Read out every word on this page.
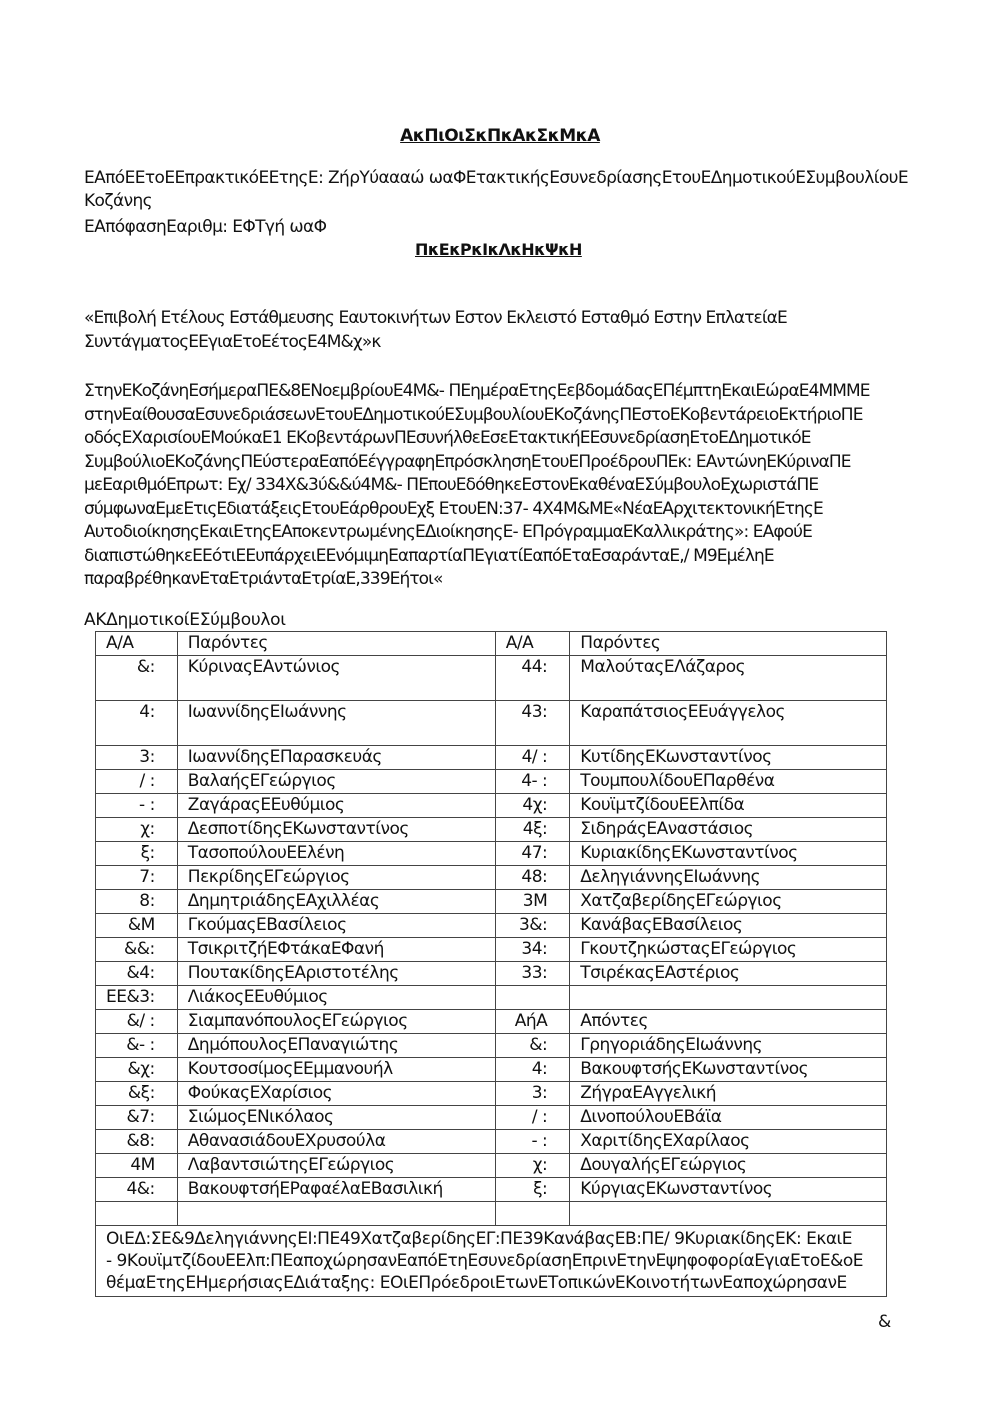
ΑκΠιΟιΣκΠκΑκΣκΜκΑ
ΕΑπόΕΕτοΕΕπρακτικόΕΕτηςΕ: ΖήρΥύαααώ ωαΦΕτακτικήςΕσυνεδρίασηςΕτουΕΔημοτικούΕΣυμβουλίουΕ
Κοζάνης
ΕΑπόφασηΕαριθμ: ΕΦΤγή ωαΦ
ΠκΕκΡκΙκΛκΗκΨκΗ
«Επιβολή Ετέλους Εστάθμευσης Εαυτοκινήτων Εστον Εκλειστό Εσταθμό Εστην ΕπλατείαΕ
ΣυντάγματοςΕΕγιαΕτοΕέτοςΕ4Μ&χ»κ
ΣτηνΕΚοζάνηΕσήμεραΠΕ&8ΕΝοεμβρίουΕ4Μ&- ΠΕημέραΕτηςΕεβδομάδαςΕΠέμπτηΕκαιΕώραΕ4ΜΜΜΕ
στηνΕαίθουσαΕσυνεδριάσεωνΕτουΕΔημοτικούΕΣυμβουλίουΕΚοζάνηςΠΕστοΕΚοβεντάρειοΕκτήριοΠΕ
οδόςΕΧαρισίουΕΜούκαΕ1 ΕΚοβεντάρωνΠΕσυνήλθεΕσεΕτακτικήΕΕσυνεδρίασηΕτοΕΔημοτικόΕ
ΣυμβούλιοΕΚοζάνηςΠΕύστεραΕαπόΕέγγραφηΕπρόσκλησηΕτουΕΠροέδρουΠΕκ: ΕΑντώνηΕΚύριναΠΕ
μεΕαριθμόΕπρωτ: Εχ/ 334Χ&3ύ&&ύ4Μ&- ΠΕπουΕδόθηκεΕστονΕκαθέναΕΣύμβουλοΕχωριστάΠΕ
σύμφωναΕμεΕτιςΕδιατάξειςΕτουΕάρθρουΕχξ ΕτουΕΝ:37- 4Χ4Μ&ΜΕ«ΝέαΕΑρχιτεκτονικήΕτηςΕ
ΑυτοδιοίκησηςΕκαιΕτηςΕΑποκεντρωμένηςΕΔιοίκησηςΕ- ΕΠρόγραμμαΕΚαλλικράτης»: ΕΑφούΕ
διαπιστώθηκεΕΕότιΕΕυπάρχειΕΕνόμιμηΕαπαρτίαΠΕγιατίΕαπόΕταΕσαράνταΕ,/ Μ9ΕμέληΕ
παραβρέθηκανΕταΕτριάνταΕτρίαΕ,339Εήτοι«
ΑΚΔημοτικοίΕΣύμβουλοι
Α/Α	Παρόντες	Α/Α	Παρόντες
&:	ΚύριναςΕΑντώνιος	44:	ΜαλούταςΕΛάζαρος
4:	ΙωαννίδηςΕΙωάννης	43:	ΚαραπάτσιοςΕΕυάγγελος
3:	ΙωαννίδηςΕΠαρασκευάς	4/ :	ΚυτίδηςΕΚωνσταντίνος
/ :	ΒαλαήςΕΓεώργιος	4- :	ΤουμπουλίδουΕΠαρθένα
- :	ΖαγάραςΕΕυθύμιος	4χ:	ΚουϊμτζίδουΕΕλπίδα
χ:	ΔεσποτίδηςΕΚωνσταντίνος	4ξ:	ΣιδηράςΕΑναστάσιος
ξ:	ΤασοπούλουΕΕλένη	47:	ΚυριακίδηςΕΚωνσταντίνος
7:	ΠεκρίδηςΕΓεώργιος	48:	ΔεληγιάννηςΕΙωάννης
8:	ΔημητριάδηςΕΑχιλλέας	3Μ	ΧατζαβερίδηςΕΓεώργιος
&Μ	ΓκούμαςΕΒασίλειος	3&:	ΚανάβαςΕΒασίλειος
&&:	ΤσικριτζήΕΦτάκαΕΦανή	34:	ΓκουτζηκώσταςΕΓεώργιος
&4:	ΠουτακίδηςΕΑριστοτέλης	33:	ΤσιρέκαςΕΑστέριος
ΕΕ&3:	ΛιάκοςΕΕυθύμιος		
&/ :	ΣιαμπανόπουλοςΕΓεώργιος	ΑήΑ	Απόντες
&- :	ΔημόπουλοςΕΠαναγιώτης	&:	ΓρηγοριάδηςΕΙωάννης
&χ:	ΚουτσοσίμοςΕΕμμανουήλ	4:	ΒακουφτσήςΕΚωνσταντίνος
&ξ:	ΦούκαςΕΧαρίσιος	3:	ΖήγραΕΑγγελική
&7:	ΣιώμοςΕΝικόλαος	/ :	ΔινοπούλουΕΒάϊα
&8:	ΑθανασιάδουΕΧρυσούλα	- :	ΧαριτίδηςΕΧαρίλαος
4Μ	ΛαβαντσιώτηςΕΓεώργιος	χ:	ΔουγαλήςΕΓεώργιος
4&:	ΒακουφτσήΕΡαφαέλαΕΒασιλική	ξ:	ΚύργιαςΕΚωνσταντίνος

ΟιΕΔ:ΣΕ&9ΔεληγιάννηςΕΙ:ΠΕ49ΧατζαβερίδηςΕΓ:ΠΕ39ΚανάβαςΕΒ:ΠΕ/ 9ΚυριακίδηςΕΚ: ΕκαιΕ
- 9ΚουϊμτζίδουΕΕλπ:ΠΕαποχώρησανΕαπόΕτηΕσυνεδρίασηΕπρινΕτηνΕψηφοφορίαΕγιαΕτοΕ&οΕ
θέμαΕτηςΕΗμερήσιαςΕΔιάταξης: ΕΟιΕΠρόεδροιΕτωνΕΤοπικώνΕΚοινοτήτωνΕαποχώρησανΕ			
&
